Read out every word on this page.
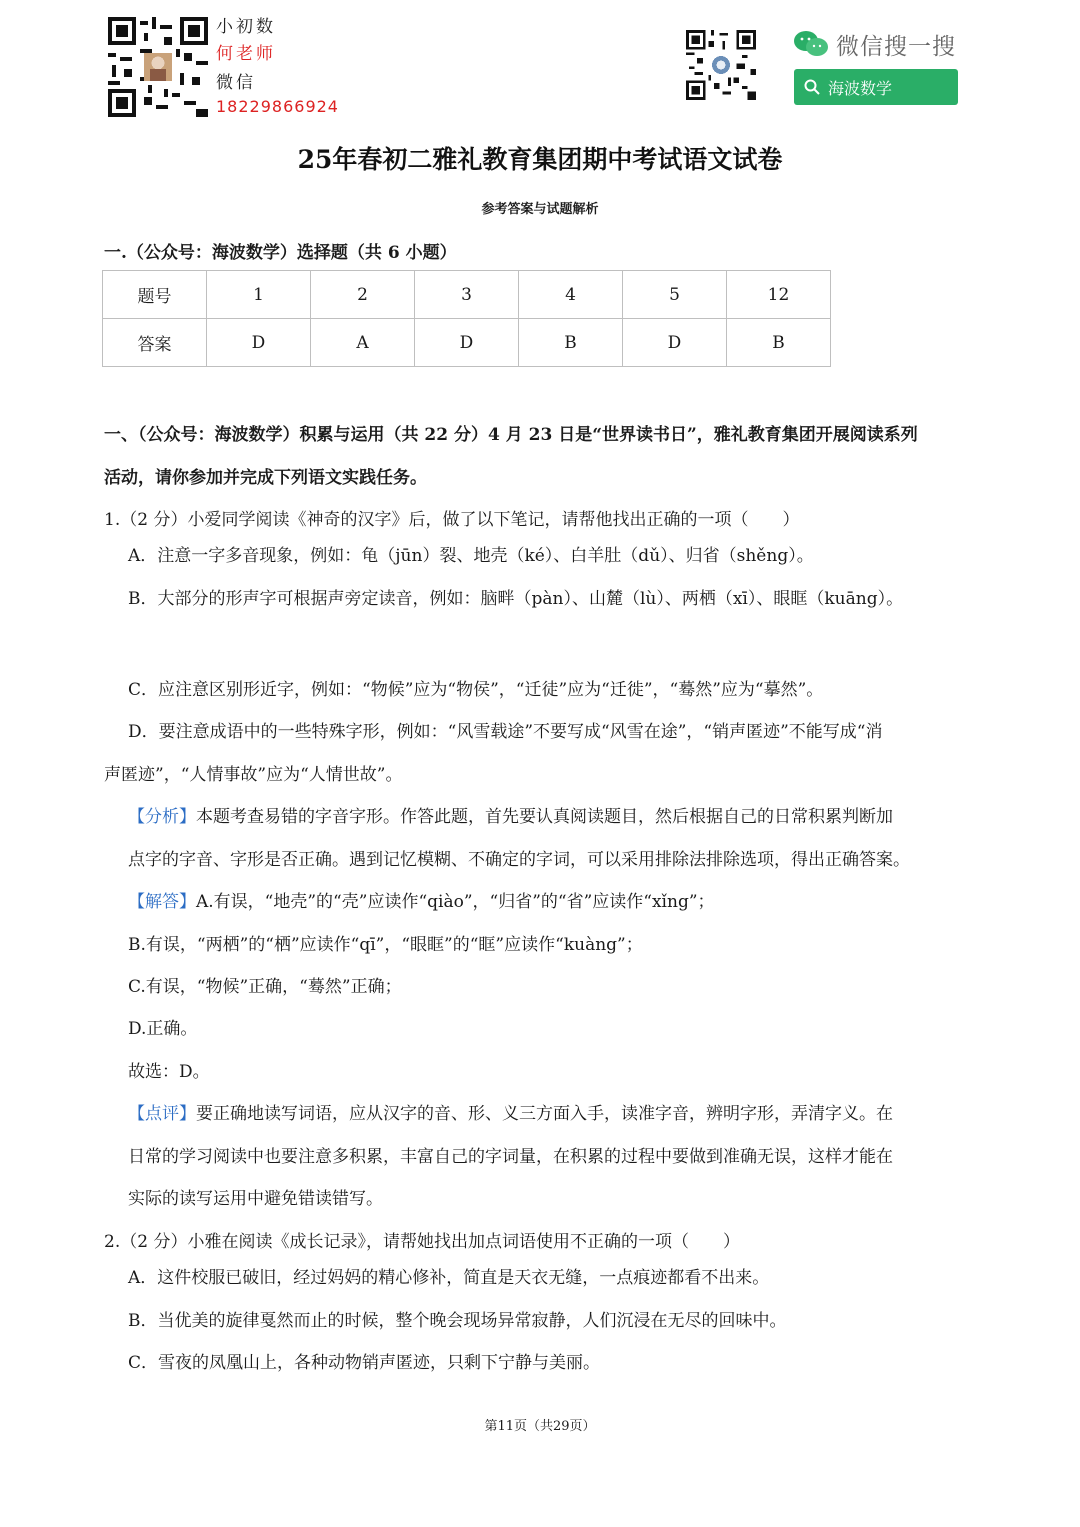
小初数
何老师
微信
18229866924
微信搜一搜
海波数学
25年春初二雅礼教育集团期中考试语文试卷
参考答案与试题解析
一.（公众号：海波数学）选择题（共 6 小题）
题号	1	2	3	4	5	12
答案	D	A	D	B	D	B
一、（公众号：海波数学）积累与运用（共 22 分）4 月 23 日是“世界读书日”，雅礼教育集团开展阅读系列
活动，请你参加并完成下列语文实践任务。
1.（2 分）小爱同学阅读《神奇的汉字》后，做了以下笔记，请帮他找出正确的一项（　　）
A．注意一字多音现象，例如：龟（jūn）裂、地壳（ké）、白羊肚（dǔ）、归省（shěng）。
B．大部分的形声字可根据声旁定读音，例如：脑畔（pàn）、山麓（lù）、两栖（xī）、眼眶（kuāng）。
C．应注意区别形近字，例如：“物候”应为“物侯”，“迁徒”应为“迁徙”，“蓦然”应为“摹然”。
D．要注意成语中的一些特殊字形，例如：“风雪载途”不要写成“风雪在途”，“销声匿迹”不能写成“消
声匿迹”，“人情事故”应为“人情世故”。
【分析】本题考查易错的字音字形。作答此题，首先要认真阅读题目，然后根据自己的日常积累判断加
点字的字音、字形是否正确。遇到记忆模糊、不确定的字词，可以采用排除法排除选项，得出正确答案。
【解答】A.有误，“地壳”的“壳”应读作“qiào”，“归省”的“省”应读作“xǐng”；
B.有误，“两栖”的“栖”应读作“qī”，“眼眶”的“眶”应读作“kuàng”；
C.有误，“物候”正确，“蓦然”正确；
D.正确。
故选：D。
【点评】要正确地读写词语，应从汉字的音、形、义三方面入手，读准字音，辨明字形，弄清字义。在
日常的学习阅读中也要注意多积累，丰富自己的字词量，在积累的过程中要做到准确无误，这样才能在
实际的读写运用中避免错读错写。
2.（2 分）小雅在阅读《成长记录》，请帮她找出加点词语使用不正确的一项（　　）
A．这件校服已破旧，经过妈妈的精心修补，简直是天衣无缝，一点痕迹都看不出来。
B．当优美的旋律戛然而止的时候，整个晚会现场异常寂静，人们沉浸在无尽的回味中。
C．雪夜的凤凰山上，各种动物销声匿迹，只剩下宁静与美丽。
第11页（共29页）
